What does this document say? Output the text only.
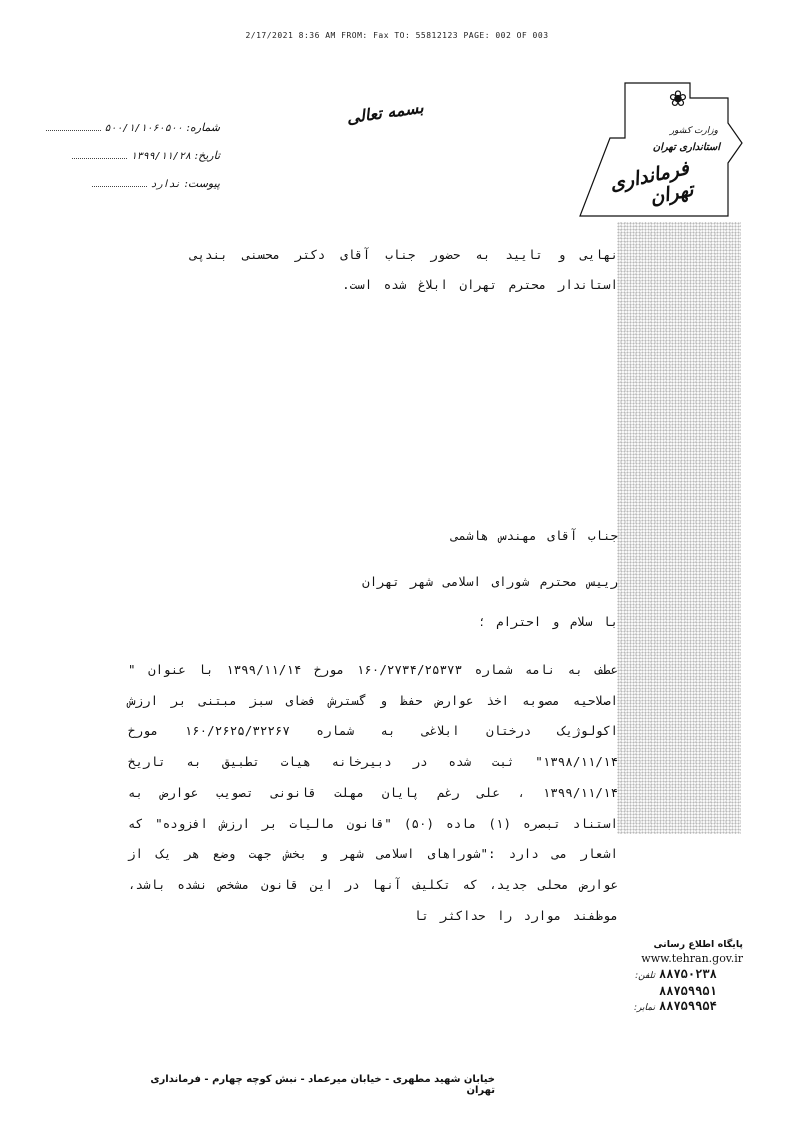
2/17/2021 8:36 AM FROM: Fax TO: 55812123 PAGE: 002 OF 003
بسمه تعالی
شماره: ۵۰۰/۱/۱۰۶۰۵۰۰
تاریخ: ۱۳۹۹/۱۱/۲۸
پیوست: ندارد
❀
وزارت کشور
استانداری تهران
فرمانداری تهران
نهایی و تایید به حضور جناب آقای دکتر محسنی بندپی استاندار محترم تهران ابلاغ شده است.
جناب آقای مهندس هاشمی
رییس محترم شورای اسلامی شهر تهران
با سلام و احترام ؛
عطف به نامه شماره ۱۶۰/۲۷۳۴/۲۵۳۷۳ مورخ ۱۳۹۹/۱۱/۱۴ با عنوان " اصلاحیه مصوبه اخذ عوارض حفظ و گسترش فضای سبز مبتنی بر ارزش اکولوژیک درختان ابلاغی به شماره ۱۶۰/۲۶۲۵/۳۲۲۶۷ مورخ ۱۳۹۸/۱۱/۱۴" ثبت شده در دبیرخانه هیات تطبیق به تاریخ ۱۳۹۹/۱۱/۱۴ ، علی رغم پایان مهلت قانونی تصویب عوارض به استناد تبصره (۱) ماده (۵۰) "قانون مالیات بر ارزش افزوده" که اشعار می دارد :"شوراهای اسلامی شهر و بخش جهت وضع هر یک از عوارض محلی جدید، که تکلیف آنها در این قانون مشخص نشده باشد، موظفند موارد را حداکثر تا
پایگاه اطلاع رسانی
www.tehran.gov.ir
تلفن: ۸۸۷۵۰۲۳۸
۸۸۷۵۹۹۵۱
نمابر: ۸۸۷۵۹۹۵۴
خیابان شهید مطهری - خیابان میرعماد - نبش کوچه چهارم - فرمانداری تهران
